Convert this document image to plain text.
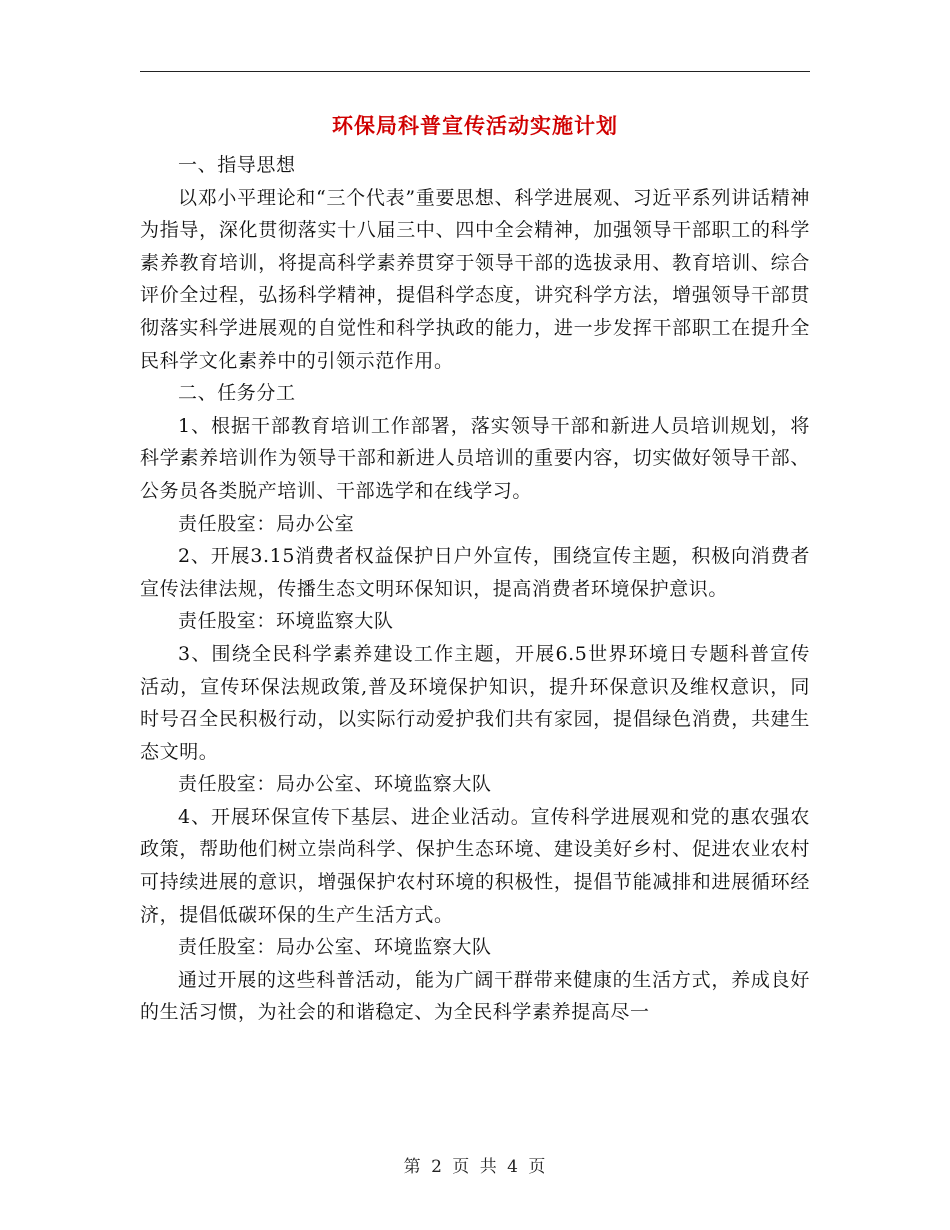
环保局科普宣传活动实施计划

一、指导思想

以邓小平理论和“三个代表”重要思想、科学进展观、习近平系列讲话精神为指导，深化贯彻落实十八届三中、四中全会精神，加强领导干部职工的科学素养教育培训，将提高科学素养贯穿于领导干部的选拔录用、教育培训、综合评价全过程，弘扬科学精神，提倡科学态度，讲究科学方法，增强领导干部贯彻落实科学进展观的自觉性和科学执政的能力，进一步发挥干部职工在提升全民科学文化素养中的引领示范作用。

二、任务分工

1、根据干部教育培训工作部署，落实领导干部和新进人员培训规划，将科学素养培训作为领导干部和新进人员培训的重要内容，切实做好领导干部、公务员各类脱产培训、干部选学和在线学习。

责任股室：局办公室

2、开展3.15消费者权益保护日户外宣传，围绕宣传主题，积极向消费者宣传法律法规，传播生态文明环保知识，提高消费者环境保护意识。

责任股室：环境监察大队

3、围绕全民科学素养建设工作主题，开展6.5世界环境日专题科普宣传活动，宣传环保法规政策,普及环境保护知识，提升环保意识及维权意识，同时号召全民积极行动，以实际行动爱护我们共有家园，提倡绿色消费，共建生态文明。

责任股室：局办公室、环境监察大队

4、开展环保宣传下基层、进企业活动。宣传科学进展观和党的惠农强农政策，帮助他们树立崇尚科学、保护生态环境、建设美好乡村、促进农业农村可持续进展的意识，增强保护农村环境的积极性，提倡节能减排和进展循环经济，提倡低碳环保的生产生活方式。

责任股室：局办公室、环境监察大队

通过开展的这些科普活动，能为广阔干群带来健康的生活方式，养成良好的生活习惯，为社会的和谐稳定、为全民科学素养提高尽一

第 2 页 共 4 页
